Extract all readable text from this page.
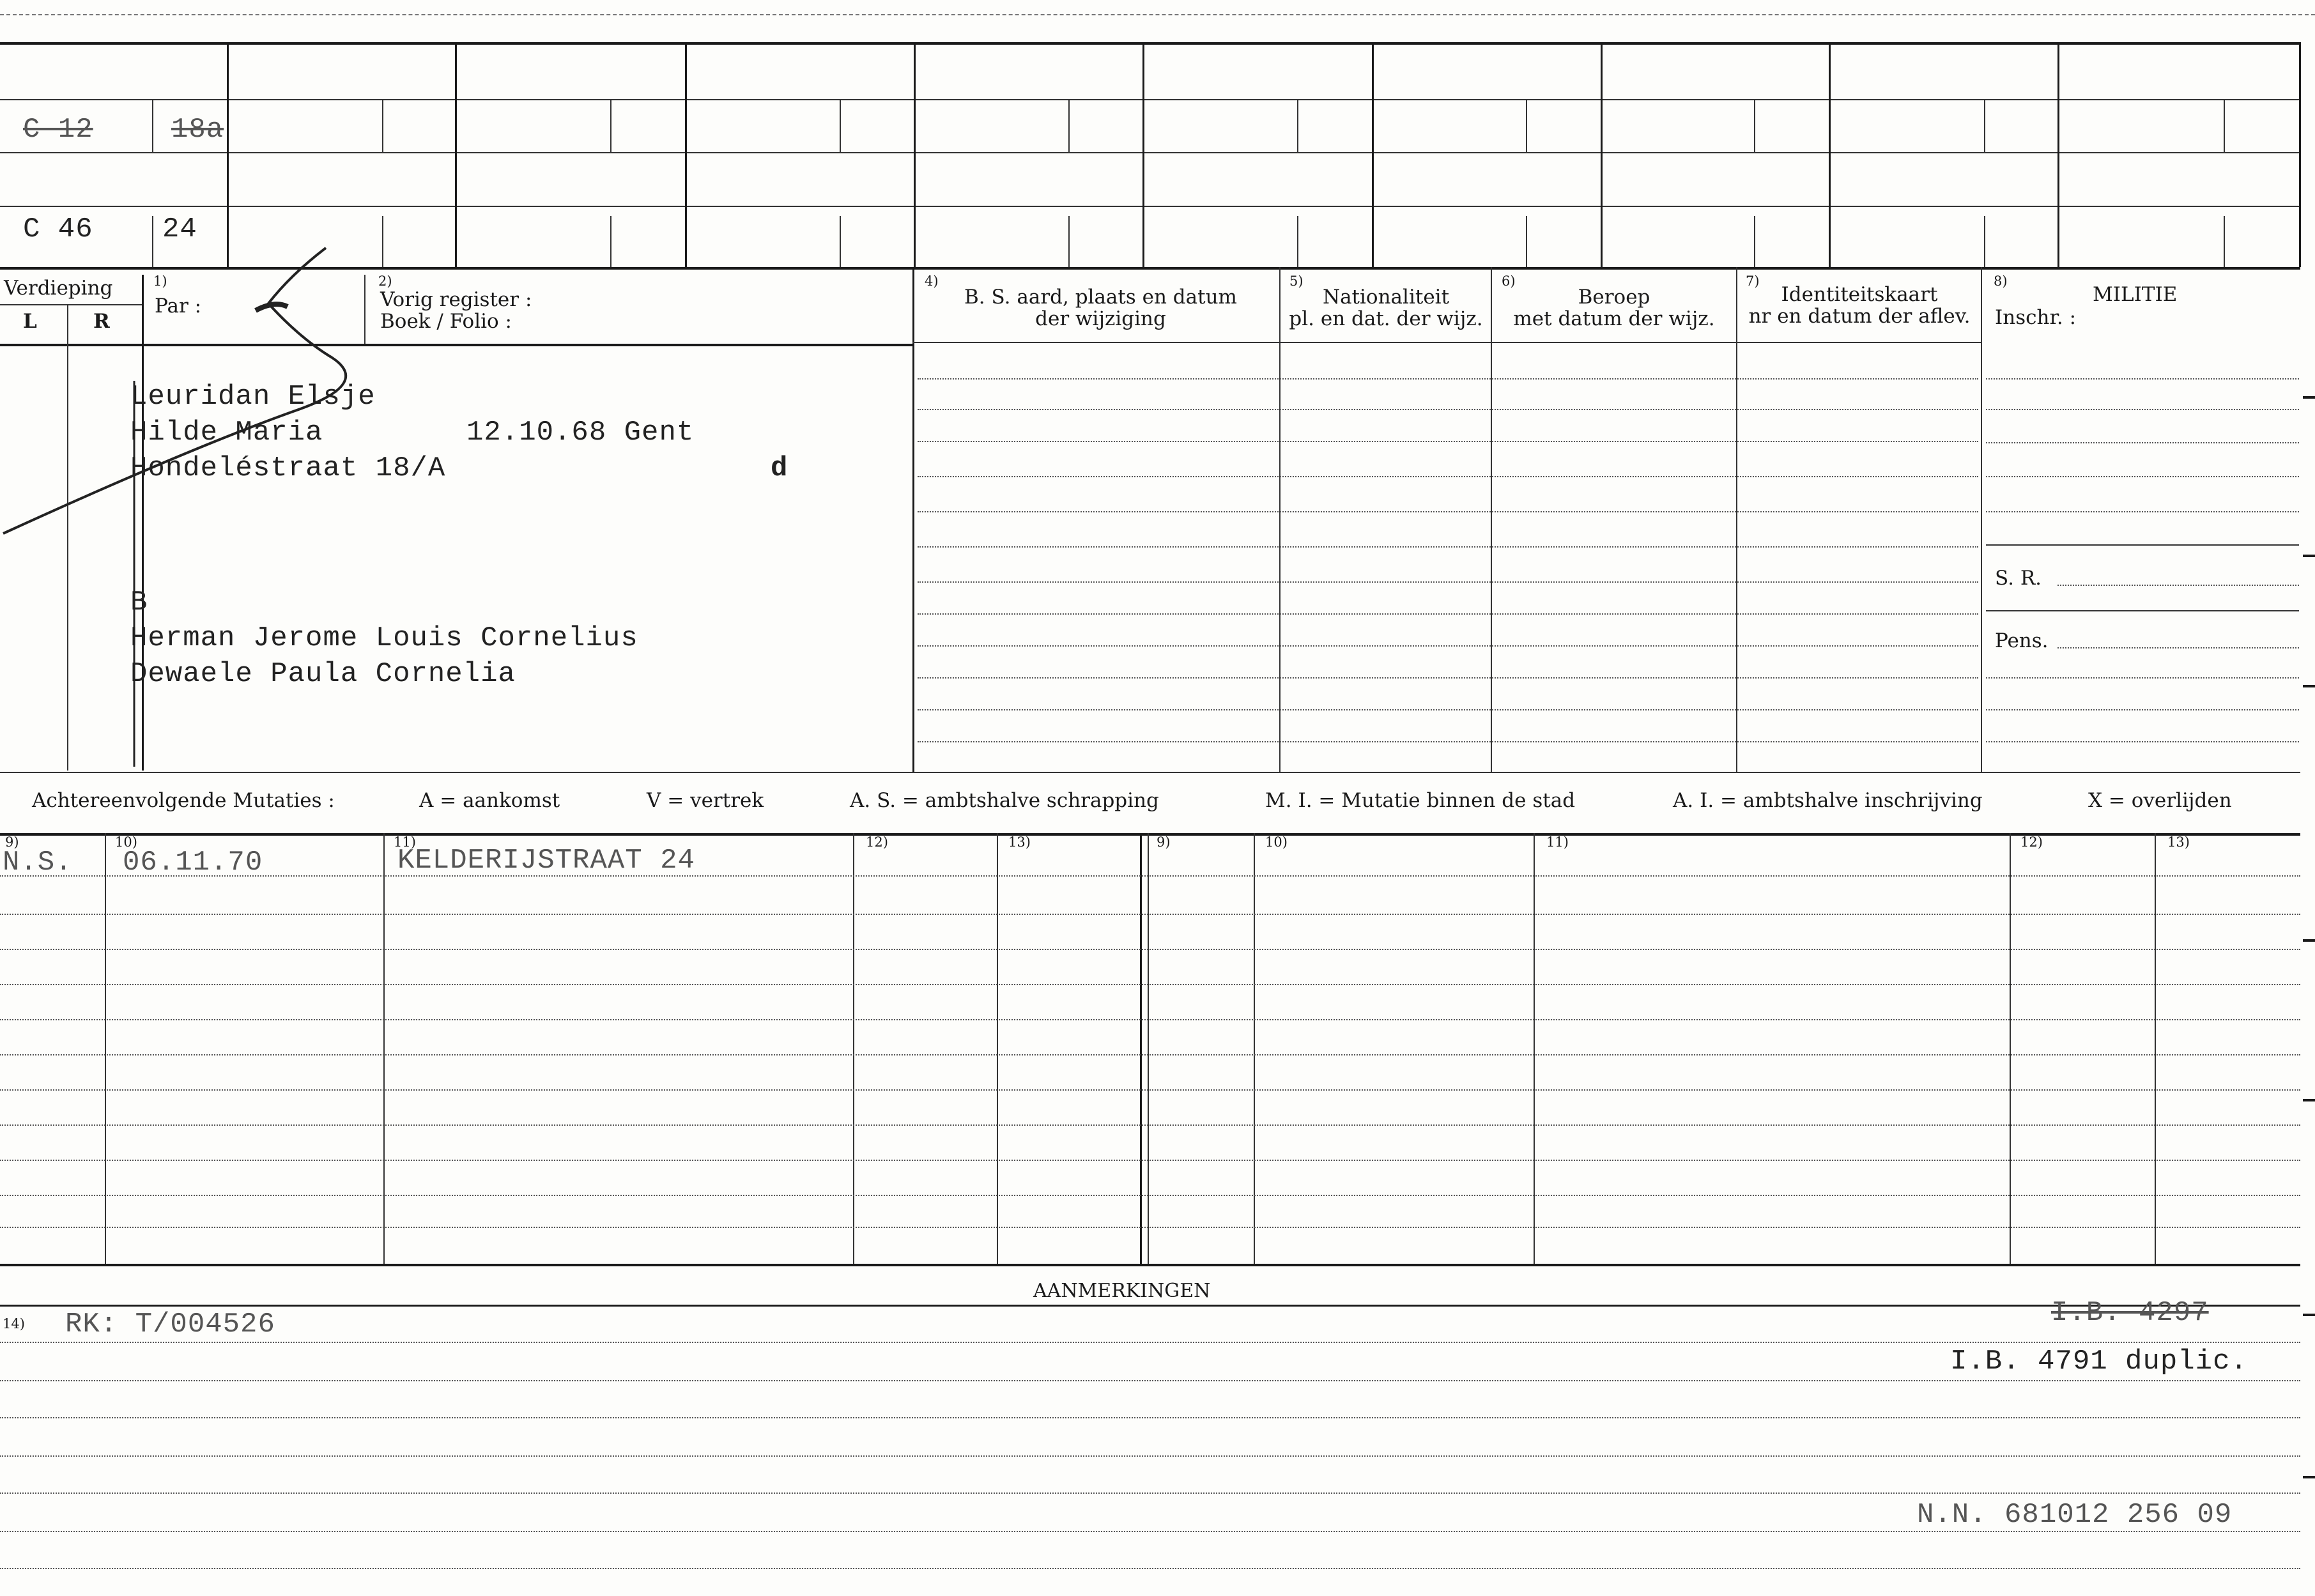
C 12	18a
C 46 24
Verdieping
L	R
1)
Par :
2)
Vorig register :
Boek / Folio :
4)
B. S. aard, plaats en datum
der wijziging
5)
Nationaliteit
pl. en dat. der wijz.
6)
Beroep
met datum der wijz.
7)
Identiteitskaart
nr en datum der aflev.
8)
MILITIE
Inschr. :
S. R.
Pens.
Leuridan Elsje
Hilde Maria	12.10.68 Gent
Hondeléstraat 18/A	d
B
Herman Jerome Louis Cornelius
Dewaele Paula Cornelia
Achtereenvolgende Mutaties :	A = aankomst	V = vertrek	A. S. = ambtshalve schrapping	M. I. = Mutatie binnen de stad	A. I. = ambtshalve inschrijving	X = overlijden
9)	10)	11)	12)	13)	9)	10)	11)	12)	13)
N.S. 06.11.70	KELDERIJSTRAAT 24
AANMERKINGEN
14) RK: T/004526	I.B. 4297
I.B. 4791 duplic.
N.N. 681012 256 09
